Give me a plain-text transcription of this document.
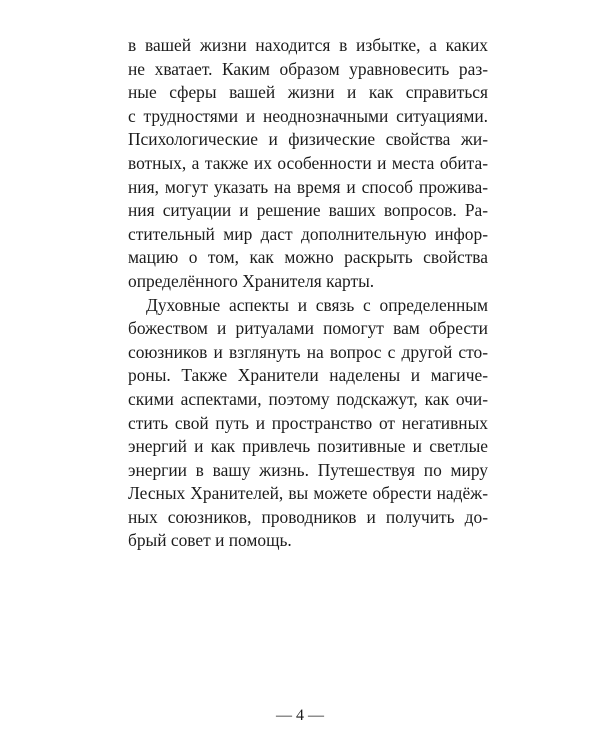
в вашей жизни находится в избытке, а каких
не хватает. Каким образом уравновесить раз-
ные сферы вашей жизни и как справиться
с трудностями и неоднозначными ситуациями.
Психологические и физические свойства жи-
вотных, а также их особенности и места обита-
ния, могут указать на время и способ прожива-
ния ситуации и решение ваших вопросов. Ра-
стительный мир даст дополнительную инфор-
мацию о том, как можно раскрыть свойства
определённого Хранителя карты.
Духовные аспекты и связь с определенным
божеством и ритуалами помогут вам обрести
союзников и взглянуть на вопрос с другой сто-
роны. Также Хранители наделены и магиче-
скими аспектами, поэтому подскажут, как очи-
стить свой путь и пространство от негативных
энергий и как привлечь позитивные и светлые
энергии в вашу жизнь. Путешествуя по миру
Лесных Хранителей, вы можете обрести надёж-
ных союзников, проводников и получить до-
брый совет и помощь.
— 4 —
